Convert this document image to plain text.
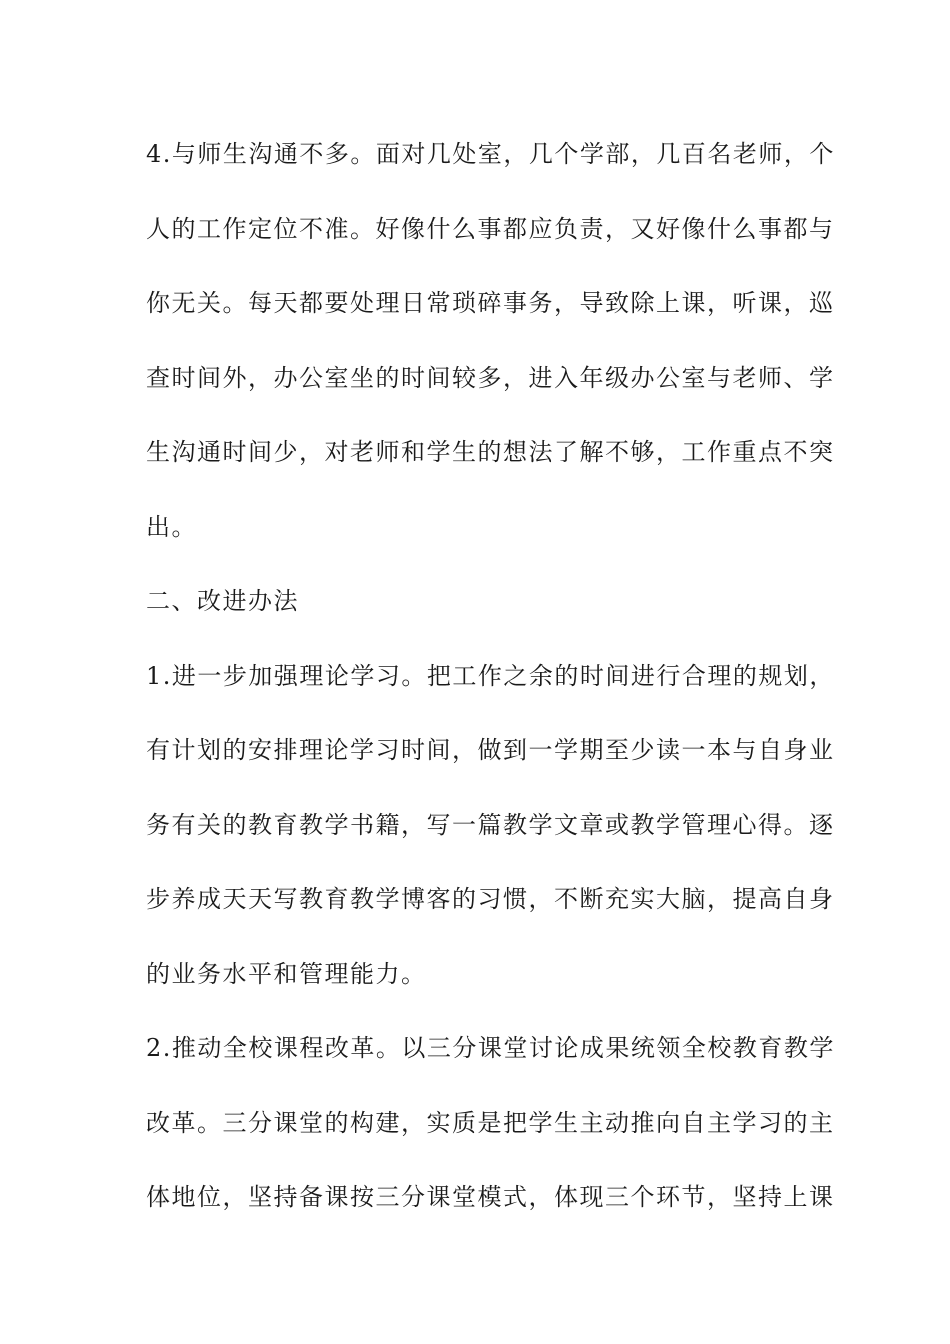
4.与师生沟通不多。面对几处室，几个学部，几百名老师，个
人的工作定位不准。好像什么事都应负责，又好像什么事都与
你无关。每天都要处理日常琐碎事务，导致除上课，听课，巡
查时间外，办公室坐的时间较多，进入年级办公室与老师、学
生沟通时间少，对老师和学生的想法了解不够，工作重点不突
出。
二、改进办法
1.进一步加强理论学习。把工作之余的时间进行合理的规划，
有计划的安排理论学习时间，做到一学期至少读一本与自身业
务有关的教育教学书籍，写一篇教学文章或教学管理心得。逐
步养成天天写教育教学博客的习惯，不断充实大脑，提高自身
的业务水平和管理能力。
2.推动全校课程改革。以三分课堂讨论成果统领全校教育教学
改革。三分课堂的构建，实质是把学生主动推向自主学习的主
体地位，坚持备课按三分课堂模式，体现三个环节，坚持上课
